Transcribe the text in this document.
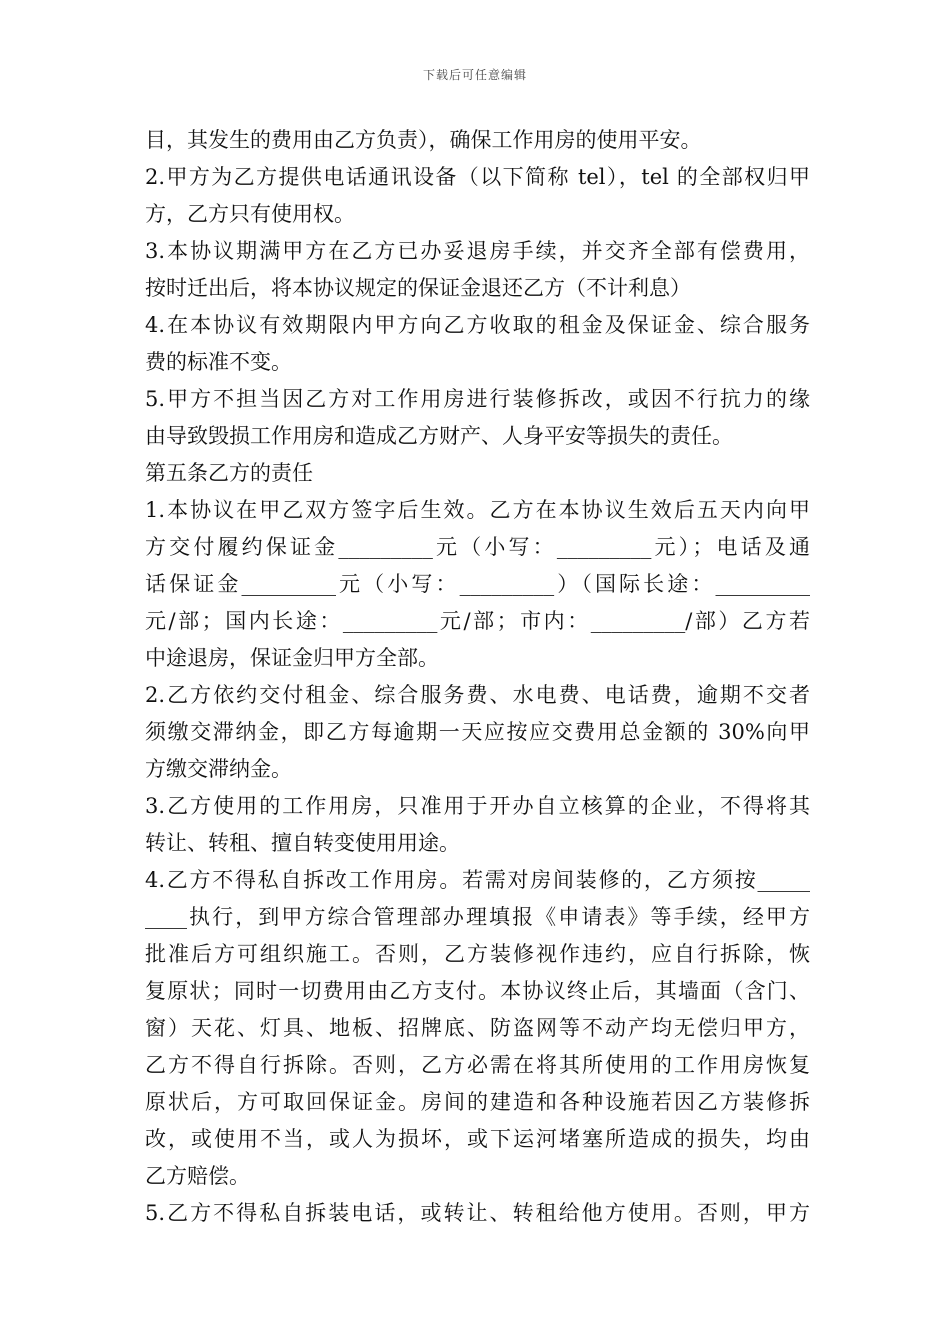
下载后可任意编辑
目，其发生的费用由乙方负责），确保工作用房的使用平安。
2.甲方为乙方提供电话通讯设备（以下简称 tel），tel 的全部权归甲
方，乙方只有使用权。
3.本协议期满甲方在乙方已办妥退房手续，并交齐全部有偿费用，
按时迁出后，将本协议规定的保证金退还乙方（不计利息）
4.在本协议有效期限内甲方向乙方收取的租金及保证金、综合服务
费的标准不变。
5.甲方不担当因乙方对工作用房进行装修拆改，或因不行抗力的缘
由导致毁损工作用房和造成乙方财产、人身平安等损失的责任。
第五条乙方的责任
1.本协议在甲乙双方签字后生效。乙方在本协议生效后五天内向甲
方交付履约保证金_________元（小写：_________元）；电话及通
话保证金_________元（小写：_________）（国际长途：_________
元/部；国内长途：_________元/部；市内：_________/部）乙方若
中途退房，保证金归甲方全部。
2.乙方依约交付租金、综合服务费、水电费、电话费，逾期不交者
须缴交滞纳金，即乙方每逾期一天应按应交费用总金额的 30%向甲
方缴交滞纳金。
3.乙方使用的工作用房，只准用于开办自立核算的企业，不得将其
转让、转租、擅自转变使用用途。
4.乙方不得私自拆改工作用房。若需对房间装修的，乙方须按_____
____执行，到甲方综合管理部办理填报《申请表》等手续，经甲方
批准后方可组织施工。否则，乙方装修视作违约，应自行拆除，恢
复原状；同时一切费用由乙方支付。本协议终止后，其墙面（含门、
窗）天花、灯具、地板、招牌底、防盗网等不动产均无偿归甲方，
乙方不得自行拆除。否则，乙方必需在将其所使用的工作用房恢复
原状后，方可取回保证金。房间的建造和各种设施若因乙方装修拆
改，或使用不当，或人为损坏，或下运河堵塞所造成的损失，均由
乙方赔偿。
5.乙方不得私自拆装电话，或转让、转租给他方使用。否则，甲方
